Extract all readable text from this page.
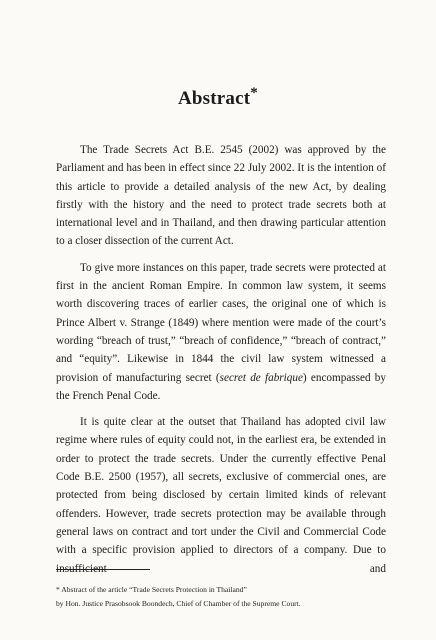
Abstract*

The Trade Secrets Act B.E. 2545 (2002) was approved by the Parliament and has been in effect since 22 July 2002. It is the intention of this article to provide a detailed analysis of the new Act, by dealing firstly with the history and the need to protect trade secrets both at international level and in Thailand, and then drawing particular attention to a closer dissection of the current Act.

To give more instances on this paper, trade secrets were protected at first in the ancient Roman Empire. In common law system, it seems worth discovering traces of earlier cases, the original one of which is Prince Albert v. Strange (1849) where mention were made of the court’s wording “breach of trust,” “breach of confidence,” “breach of contract,” and “equity”. Likewise in 1844 the civil law system witnessed a provision of manufacturing secret (secret de fabrique) encompassed by the French Penal Code.

It is quite clear at the outset that Thailand has adopted civil law regime where rules of equity could not, in the earliest era, be extended in order to protect the trade secrets. Under the currently effective Penal Code B.E. 2500 (1957), all secrets, exclusive of commercial ones, are protected from being disclosed by certain limited kinds of relevant offenders. However, trade secrets protection may be available through general laws on contract and tort under the Civil and Commercial Code with a specific provision applied to directors of a company. Due to insufficient and

* Abstract of the article “Trade Secrets Protection in Thailand”
by Hon. Justice Prasobsook Boondech, Chief of Chamber of the Supreme Court.
